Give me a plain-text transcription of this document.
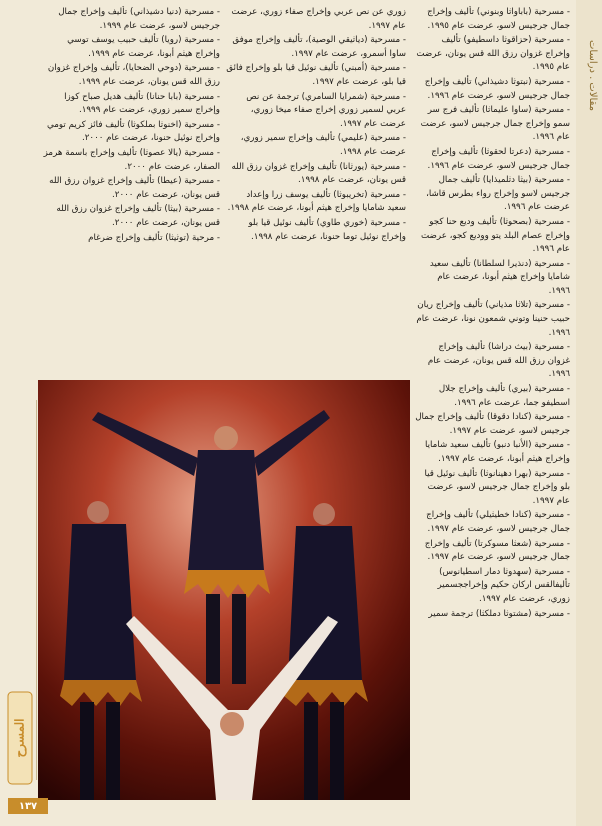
مقالات . دراسات

- مسرحية (باباواثا وبنوني) تأليف وإخراج جمال جرجيس لاسو، عرضت عام ١٩٩٥.

- مسرحية (حزاقوثا داسطيفو) تأليف وإخراج غزوان رزق الله قس يونان، عرضت عام ١٩٩٥.

- مسرحية (نبتوثا دشيذاني) تأليف وإخراج جمال جرجيس لاسو، عرضت عام ١٩٩٦.

- مسرحية (ساوا عليماثا) تأليف فرج سر سمو وإخراج جمال جرجيس لاسو، عرضت عام ١٩٩٦.

- مسرحية (دعرتا لحقوثا) تأليف وإخراج جمال جرجيس لاسو، عرضت عام ١٩٩٦.

- مسرحية (بيثا دثلميذايا) تأليف جمال جرجيس لاسو وإخراج رواء بطرس قاشا، عرضت عام ١٩٩٦.

- مسرحية (بصحوثا) تأليف وديع حنا كجو وإخراج عصام البلد يتو ووديع كجو، عرضت عام ١٩٩٦.

- مسرحية (دنذيرا لسلطانا) تأليف سعيد شامايا وإخراج هيثم أبونا، عرضت عام ١٩٩٦.

- مسرحية (تلاثا مذياني) تأليف وإخراج ريان حبيب حنينا وتوني شمعون نونا، عرضت عام ١٩٩٦.

- مسرحية (بيث دراشا) تأليف وإخراج غزوان رزق الله قس يونان، عرضت عام ١٩٩٦.

- مسرحية (بيري) تأليف وإخراج جلال اسطيفو جما، عرضت عام ١٩٩٦.

- مسرحية (كنادا دقوقا) تأليف وإخراج جمال جرجيس لاسو، عرضت عام ١٩٩٧.

- مسرحية (الأنبا دنبو) تأليف سعيد شامايا وإخراج هيثم أبونا، عرضت عام ١٩٩٧.

- مسرحية (بهرا دهينانوثا) تأليف نوئيل قيا بلو وإخراج جمال جرجيس لاسو، عرضت عام ١٩٩٧.

- مسرحية (كنادا خطيثيلي) تأليف وإخراج جمال جرجيس لاسو، عرضت عام ١٩٩٧.

- مسرحية (شعثا مسوكرتا) تأليف وإخراج جمال جرجيس لاسو، عرضت عام ١٩٩٧.

- مسرحية (سهدوثا دمار اسطيانوس) تأليفالقس اركان حكيم وإخراججسمير زوري، عرضت عام ١٩٩٧.

- مسرحية (مشتوثا دملكثا) ترجمة سمير

زوري عن نص عربي وإخراج صفاء زوري، عرضت عام ١٩٩٧.

- مسرحية (دياثيقي الوصية)، تأليف وإخراج موفق ساوا أسمرو، عرضت عام ١٩٩٧.

- مسرحية (أمبني) تأليف نوئيل قيا بلو وإخراج فائق قيا بلو، عرضت عام ١٩٩٧.

- مسرحية (شمرايا السامري) ترجمة عن نص عربي لسمير زوري إخراج صفاء ميخا زوري، عرضت عام ١٩٩٧.

- مسرحية (عليمي) تأليف وإخراج سمير زوري، عرضت عام ١٩٩٨.

- مسرحية (يورثانا) تأليف وإخراج غزوان رزق الله قس يونان، عرضت عام ١٩٩٨.

- مسرحية (تخريبوثا) تأليف يوسف زرا وإعداد سعيد شامايا وإخراج هيثم أبونا، عرضت عام ١٩٩٨.

- مسرحية (خوري طاوي) تأليف نوئيل قيا بلو وإخراج نوئيل توما حنونا، عرضت عام ١٩٩٨.

- مسرحية (دنيا دشيذاني) تأليف وإخراج جمال جرجيس لاسو، عرضت عام ١٩٩٩.

- مسرحية (رويا) تأليف حبيب يوسف توسي وإخراج هيثم أبونا، عرضت عام ١٩٩٩.

- مسرحية (دوحي الضحايا)، تأليف وإخراج غزوان رزق الله قس يونان، عرضت عام ١٩٩٩.

- مسرحية (بابا حنانا) تأليف هديل صباح كوزا وإخراج سمير زوري، عرضت عام ١٩٩٩.

- مسرحية (اخنوثا بملكوثا) تأليف فائز كريم تومي وإخراج نوئيل حنونا، عرضت عام ٢٠٠٠.

- مسرحية (يالا عصوثا) تأليف وإخراج باسمة هرمز الصفار، عرضت عام ٢٠٠٠.

- مسرحية (عيطا) تأليف وإخراج غزوان رزق الله قس يونان، عرضت عام ٢٠٠٠.

- مسرحية (بيثا) تأليف وإخراج غزوان رزق الله قس يونان، عرضت عام ٢٠٠٠.

- مرحية (توثيثا) تأليف وإخراج ضرغام

المسرح
١٣٧
